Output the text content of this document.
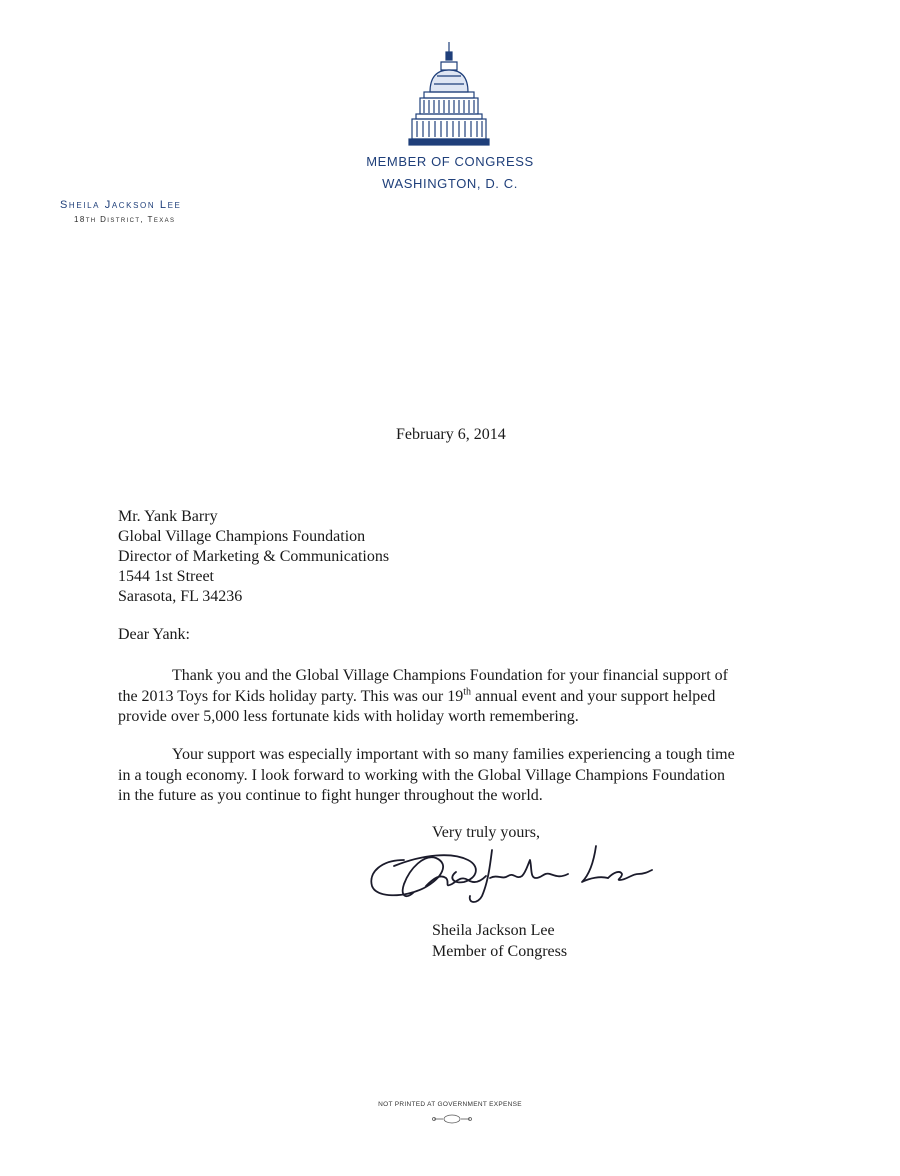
MEMBER OF CONGRESS
WASHINGTON, D. C.
Sheila Jackson Lee
18th District, Texas
February 6, 2014
Mr. Yank Barry
Global Village Champions Foundation
Director of Marketing & Communications
1544 1st Street
Sarasota, FL 34236
Dear Yank:
Thank you and the Global Village Champions Foundation for your financial support of
the 2013 Toys for Kids holiday party. This was our 19th annual event and your support helped
provide over 5,000 less fortunate kids with holiday worth remembering.
Your support was especially important with so many families experiencing a tough time
in a tough economy. I look forward to working with the Global Village Champions Foundation
in the future as you continue to fight hunger throughout the world.
Very truly yours,
Sheila Jackson Lee
Member of Congress
NOT PRINTED AT GOVERNMENT EXPENSE
